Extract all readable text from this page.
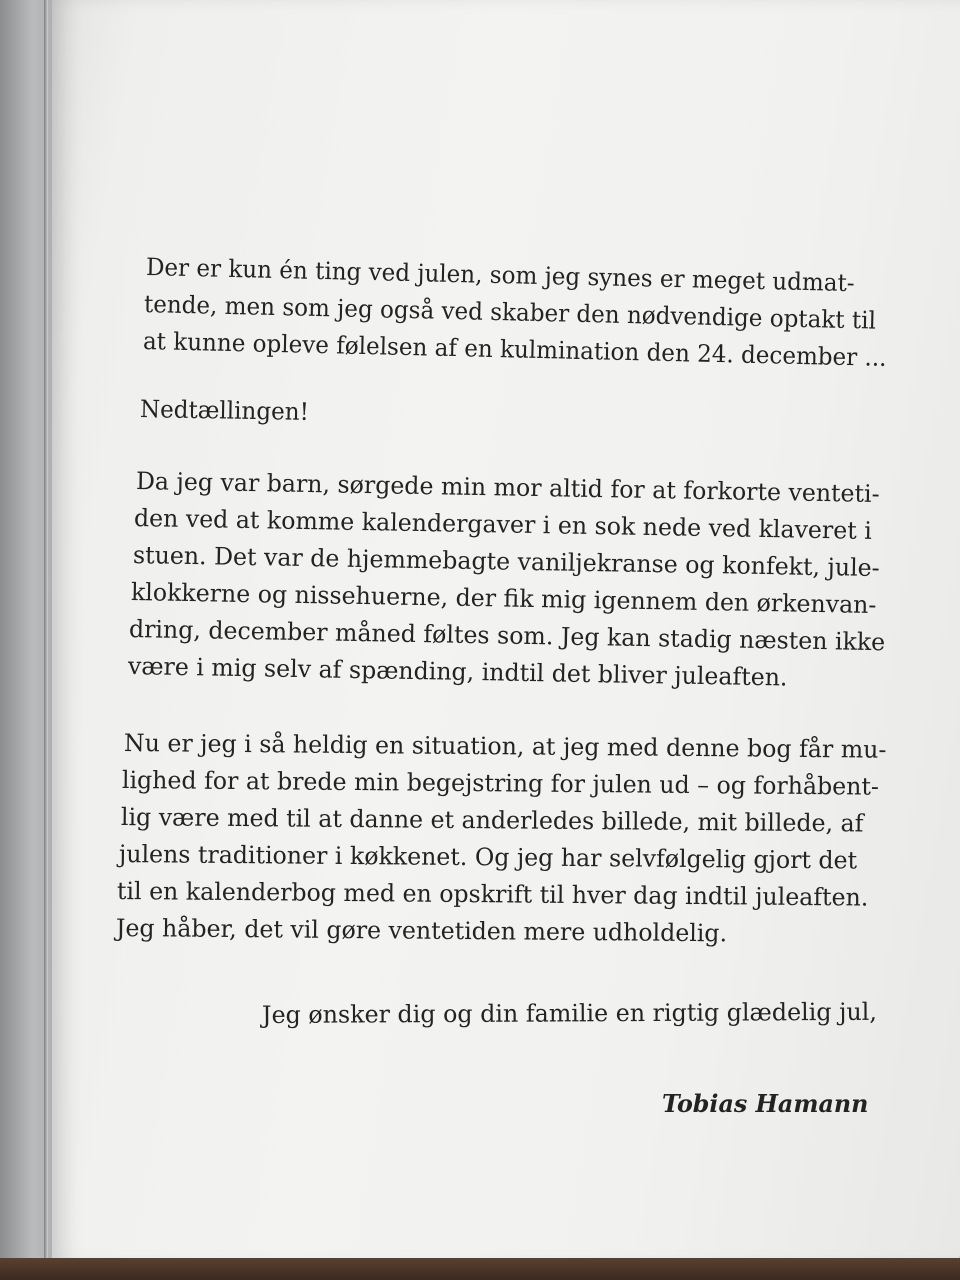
Der er kun én ting ved julen, som jeg synes er meget udmat-
tende, men som jeg også ved skaber den nødvendige optakt til
at kunne opleve følelsen af en kulmination den 24. december ...
Nedtællingen!
Da jeg var barn, sørgede min mor altid for at forkorte venteti-
den ved at komme kalendergaver i en sok nede ved klaveret i
stuen. Det var de hjemmebagte vaniljekranse og konfekt, jule-
klokkerne og nissehuerne, der fik mig igennem den ørkenvan-
dring, december måned føltes som. Jeg kan stadig næsten ikke
være i mig selv af spænding, indtil det bliver juleaften.
Nu er jeg i så heldig en situation, at jeg med denne bog får mu-
lighed for at brede min begejstring for julen ud – og forhåbent-
lig være med til at danne et anderledes billede, mit billede, af
julens traditioner i køkkenet. Og jeg har selvfølgelig gjort det
til en kalenderbog med en opskrift til hver dag indtil juleaften.
Jeg håber, det vil gøre ventetiden mere udholdelig.
Jeg ønsker dig og din familie en rigtig glædelig jul,
Tobias Hamann
